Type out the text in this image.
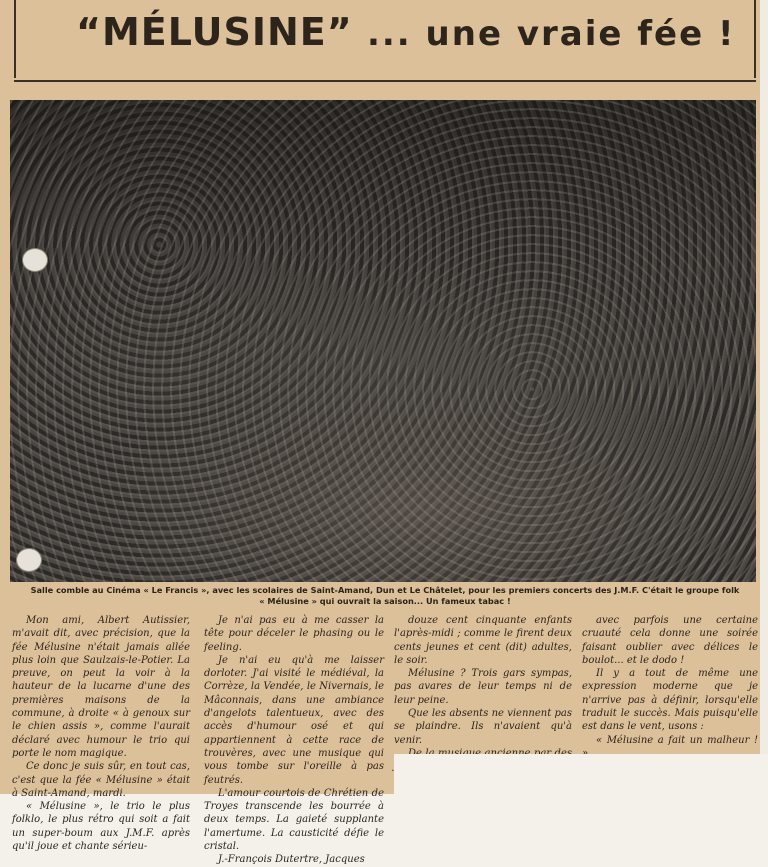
“MÉLUSINE” ... une vraie fée !
Salle comble au Cinéma « Le Francis », avec les scolaires de Saint-Amand, Dun et Le Châtelet, pour les premiers concerts des J.M.F. C'était le groupe folk
« Mélusine » qui ouvrait la saison... Un fameux tabac !

Mon ami, Albert Autissier, m'avait dit, avec précision, que la fée Mélusine n'était jamais allée plus loin que Saulzais-le-Potier. La preuve, on peut la voir à la hauteur de la lucarne d'une des premières maisons de la commune, à droite « à genoux sur le chien assis », comme l'aurait déclaré avec humour le trio qui porte le nom magique.

Ce donc je suis sûr, en tout cas, c'est que la fée « Mélusine » était à Saint-Amand, mardi.

« Mélusine », le trio le plus folklo, le plus rétro qui soit a fait un super-boum aux J.M.F. après qu'il joue et chante sérieu-

Je n'ai pas eu à me casser la tête pour déceler le phasing ou le feeling.

Je n'ai eu qu'à me laisser dorloter. J'ai visité le médiéval, la Corrèze, la Vendée, le Nivernais, le Mâconnais, dans une ambiance d'angelots talentueux, avec des accès d'humour osé et qui appartiennent à cette race de trouvères, avec une musique qui vous tombe sur l'oreille à pas feutrés.

L'amour courtois de Chrétien de Troyes transcende les bourrée à deux temps. La gaieté supplante l'amertume. La causticité défie le cristal.

J.-François Dutertre, Jacques

douze cent cinquante enfants l'après-midi ; comme le firent deux cents jeunes et cent (dit) adultes, le soir.

Mélusine ? Trois gars sympas, pas avares de leur temps ni de leur peine.

Que les absents ne viennent pas se plaindre. Ils n'avaient qu'à venir.

avec parfois une certaine cruauté cela donne une soirée faisant oublier avec délices le boulot... et le dodo !

Il y a tout de même une expression moderne que je n'arrive pas à définir, lorsqu'elle traduit le succès. Mais puisqu'elle est dans le vent, usons :

« Mélusine a fait un malheur !
